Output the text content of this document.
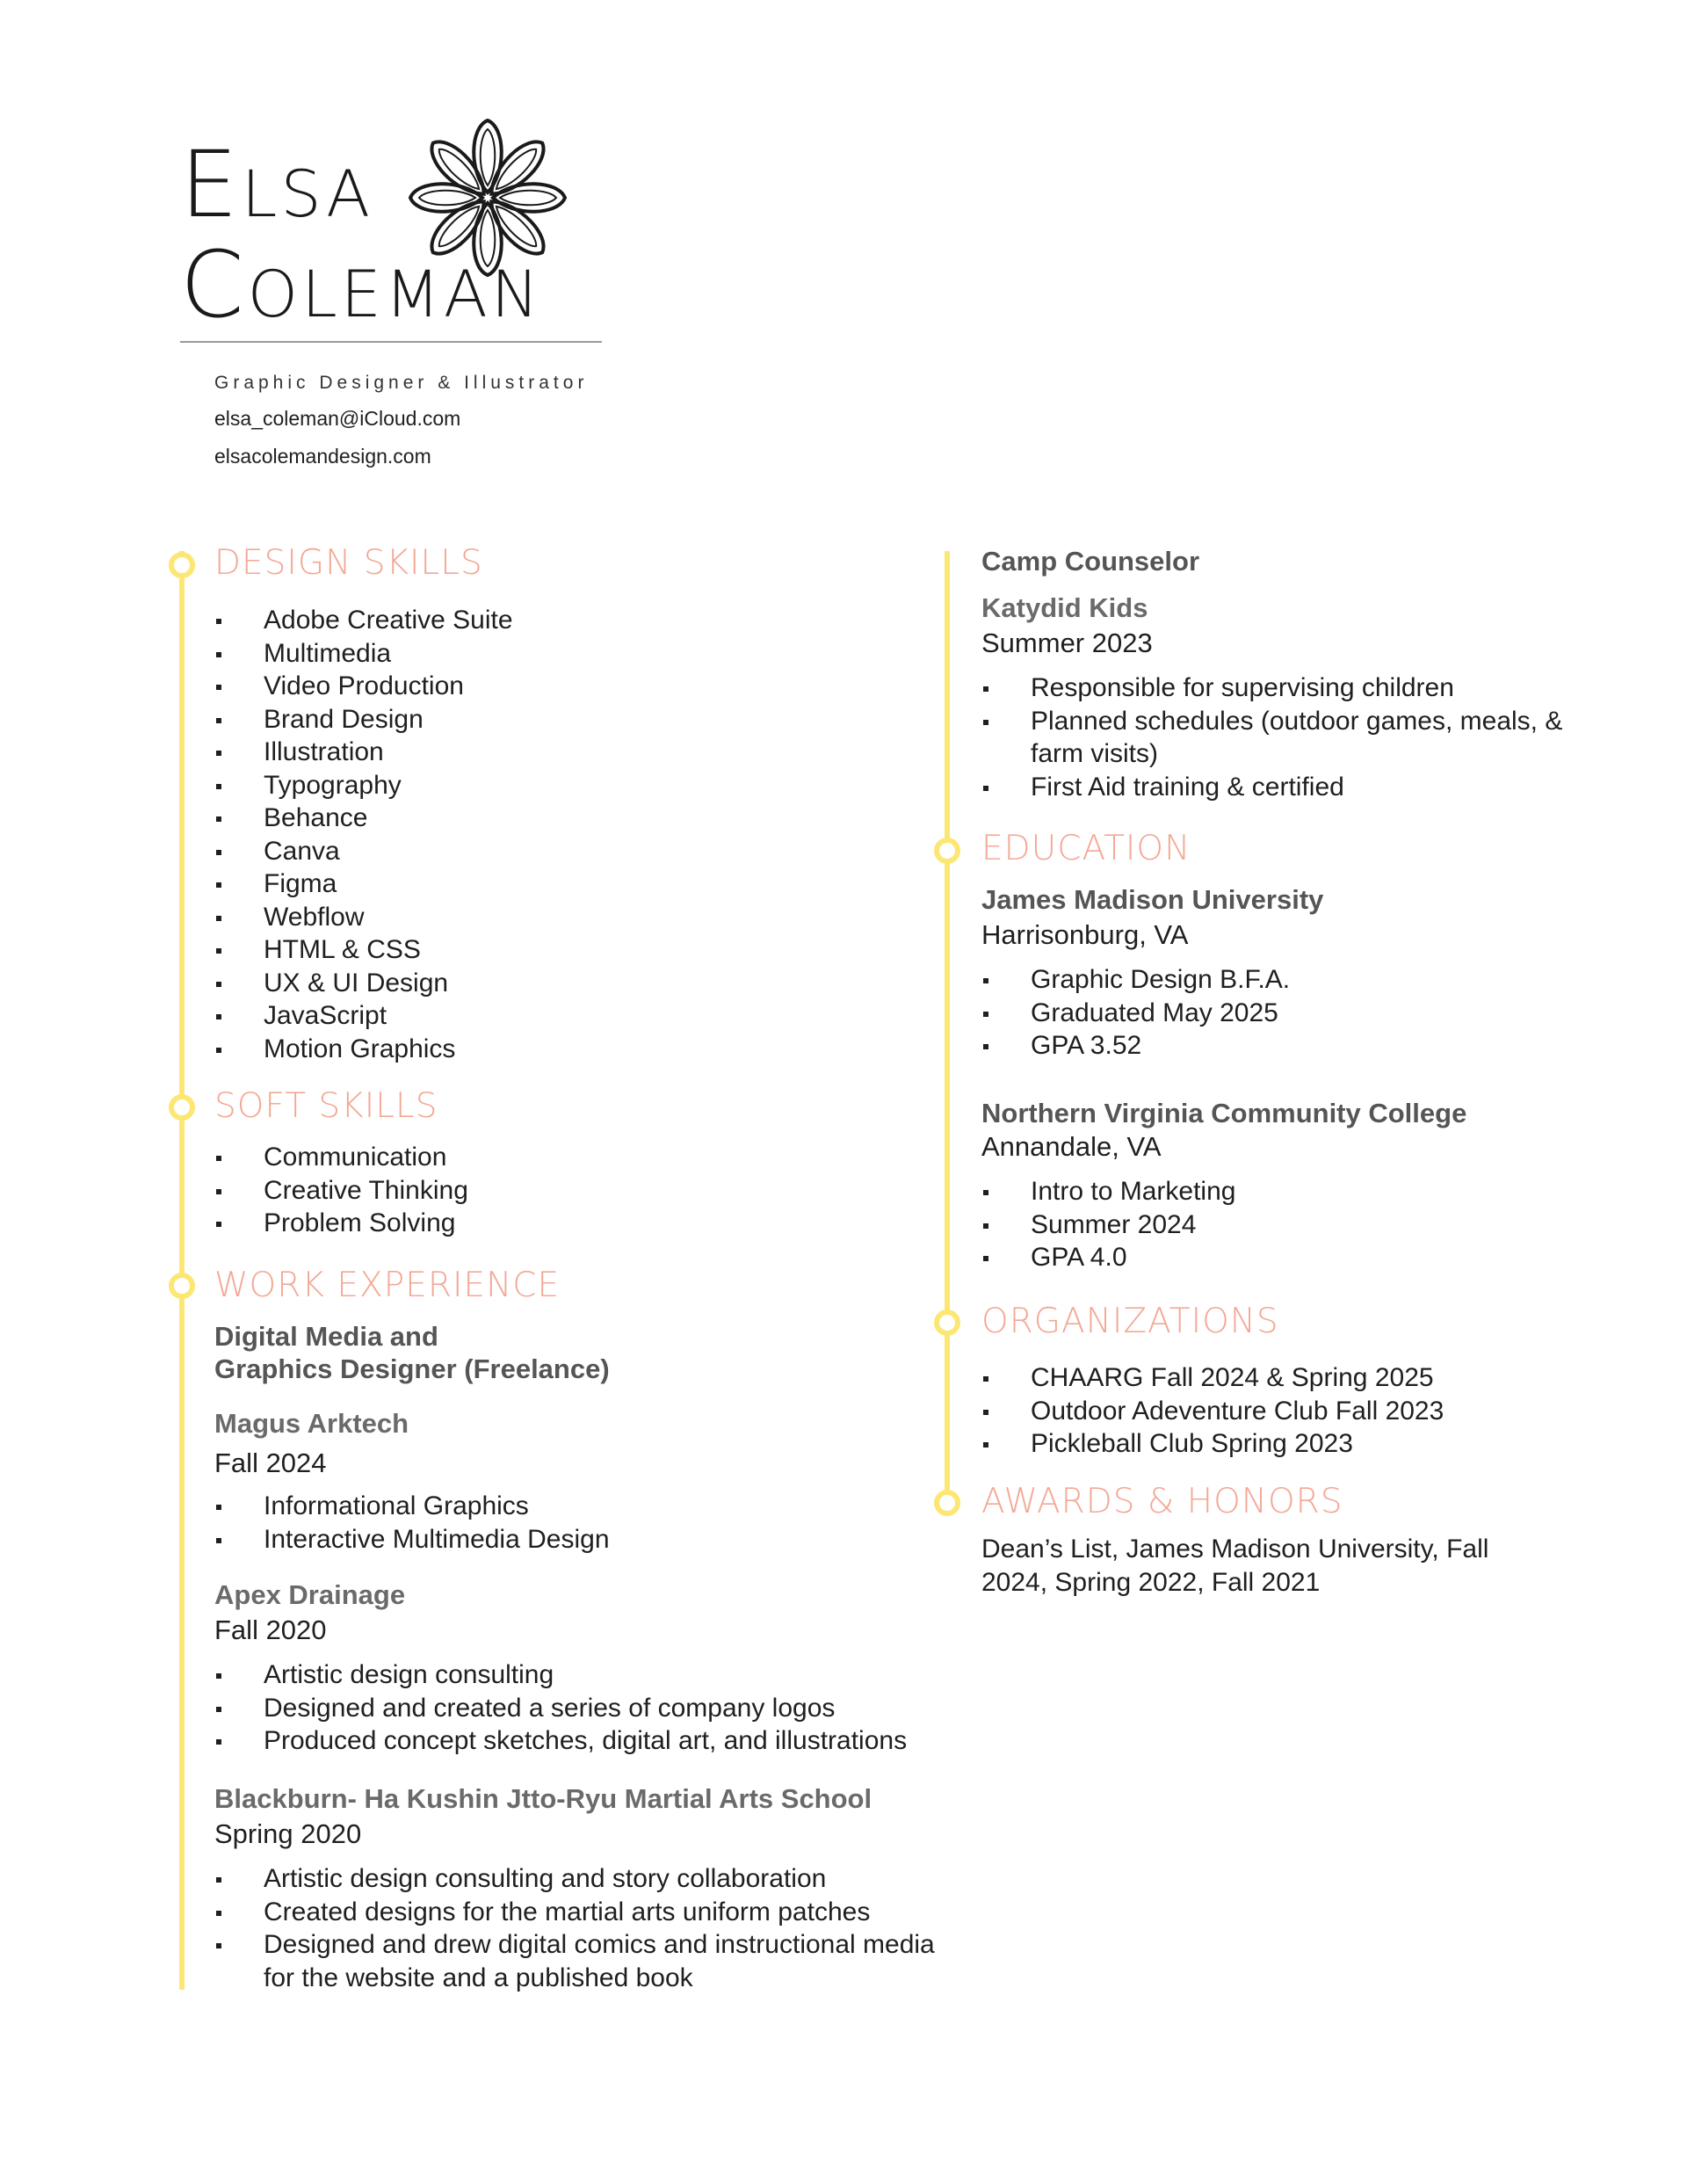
Elsa
Coleman
Graphic Designer & Illustrator
elsa_coleman@iCloud.com
elsacolemandesign.com
DESIGN SKILLS
Adobe Creative Suite
Multimedia
Video Production
Brand Design
Illustration
Typography
Behance
Canva
Figma
Webflow
HTML & CSS
UX & UI Design
JavaScript
Motion Graphics
SOFT SKILLS
Communication
Creative Thinking
Problem Solving
WORK EXPERIENCE
Digital Media and
Graphics Designer (Freelance)
Magus Arktech
Fall 2024
Informational Graphics
Interactive Multimedia Design
Apex Drainage
Fall 2020
Artistic design consulting
Designed and created a series of company logos
Produced concept sketches, digital art, and illustrations
Blackburn- Ha Kushin Jtto-Ryu Martial Arts School
Spring 2020
Artistic design consulting and story collaboration
Created designs for the martial arts uniform patches
Designed and drew digital comics and instructional media for the website and a published book
Camp Counselor
Katydid Kids
Summer 2023
Responsible for supervising children
Planned schedules (outdoor games, meals, & farm visits)
First Aid training & certified
EDUCATION
James Madison University
Harrisonburg, VA
Graphic Design B.F.A.
Graduated May 2025
GPA 3.52
Northern Virginia Community College
Annandale, VA
Intro to Marketing
Summer 2024
GPA 4.0
ORGANIZATIONS
CHAARG Fall 2024 & Spring 2025
Outdoor Adeventure Club Fall 2023
Pickleball Club Spring 2023
AWARDS & HONORS
Dean’s List, James Madison University, Fall 2024, Spring 2022, Fall 2021
